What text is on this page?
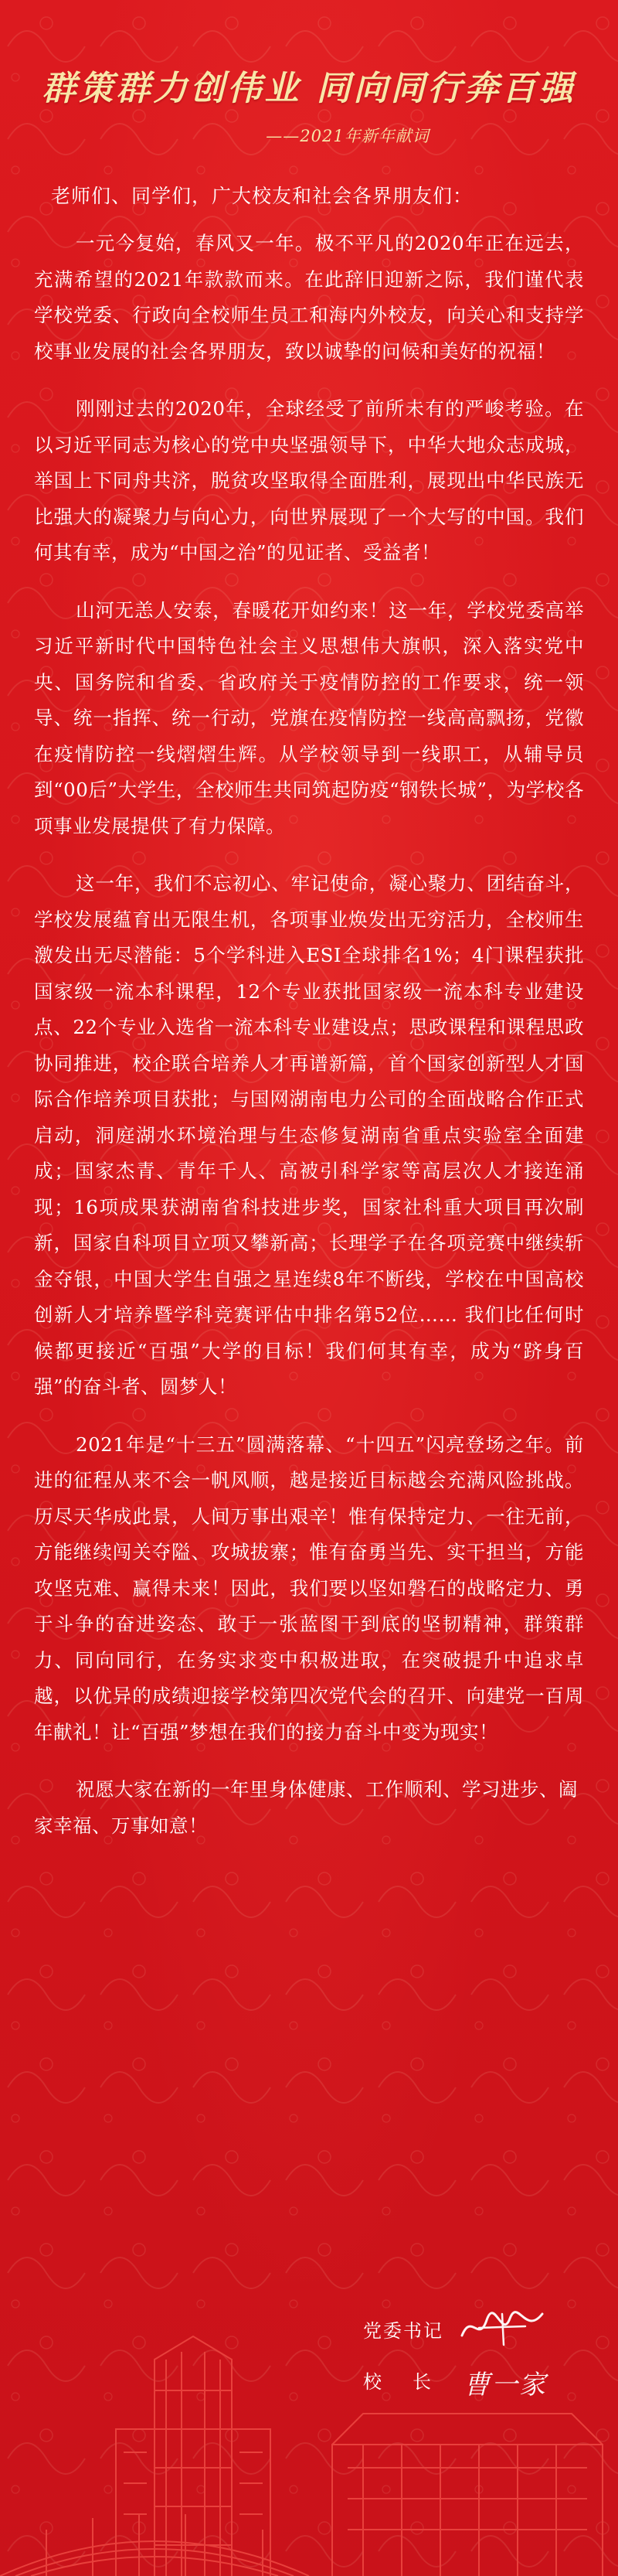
群策群力创伟业 同向同行奔百强
——2021年新年献词

老师们、同学们，广大校友和社会各界朋友们：

一元今复始，春风又一年。极不平凡的2020年正在远去，充满希望的2021年款款而来。在此辞旧迎新之际，我们谨代表学校党委、行政向全校师生员工和海内外校友，向关心和支持学校事业发展的社会各界朋友，致以诚挚的问候和美好的祝福！

刚刚过去的2020年，全球经受了前所未有的严峻考验。在以习近平同志为核心的党中央坚强领导下，中华大地众志成城，举国上下同舟共济，脱贫攻坚取得全面胜利，展现出中华民族无比强大的凝聚力与向心力，向世界展现了一个大写的中国。我们何其有幸，成为“中国之治”的见证者、受益者！

山河无恙人安泰，春暖花开如约来！这一年，学校党委高举习近平新时代中国特色社会主义思想伟大旗帜，深入落实党中央、国务院和省委、省政府关于疫情防控的工作要求，统一领导、统一指挥、统一行动，党旗在疫情防控一线高高飘扬，党徽在疫情防控一线熠熠生辉。从学校领导到一线职工，从辅导员到“00后”大学生，全校师生共同筑起防疫“钢铁长城”，为学校各项事业发展提供了有力保障。

这一年，我们不忘初心、牢记使命，凝心聚力、团结奋斗，学校发展蕴育出无限生机，各项事业焕发出无穷活力，全校师生激发出无尽潜能：5个学科进入ESI全球排名1%；4门课程获批国家级一流本科课程，12个专业获批国家级一流本科专业建设点、22个专业入选省一流本科专业建设点；思政课程和课程思政协同推进，校企联合培养人才再谱新篇，首个国家创新型人才国际合作培养项目获批；与国网湖南电力公司的全面战略合作正式启动，洞庭湖水环境治理与生态修复湖南省重点实验室全面建成；国家杰青、青年千人、高被引科学家等高层次人才接连涌现；16项成果获湖南省科技进步奖，国家社科重大项目再次刷新，国家自科项目立项又攀新高；长理学子在各项竞赛中继续斩金夺银，中国大学生自强之星连续8年不断线，学校在中国高校创新人才培养暨学科竞赛评估中排名第52位…… 我们比任何时候都更接近“百强”大学的目标！我们何其有幸，成为“跻身百强”的奋斗者、圆梦人！

2021年是“十三五”圆满落幕、“十四五”闪亮登场之年。前进的征程从来不会一帆风顺，越是接近目标越会充满风险挑战。历尽天华成此景，人间万事出艰辛！惟有保持定力、一往无前，方能继续闯关夺隘、攻城拔寨；惟有奋勇当先、实干担当，方能攻坚克难、赢得未来！因此，我们要以坚如磐石的战略定力、勇于斗争的奋进姿态、敢于一张蓝图干到底的坚韧精神，群策群力、同向同行，在务实求变中积极进取，在突破提升中追求卓越，以优异的成绩迎接学校第四次党代会的召开、向建党一百周年献礼！让“百强”梦想在我们的接力奋斗中变为现实！

祝愿大家在新的一年里身体健康、工作顺利、学习进步、阖家幸福、万事如意！

党委书记
校长 曹一家
